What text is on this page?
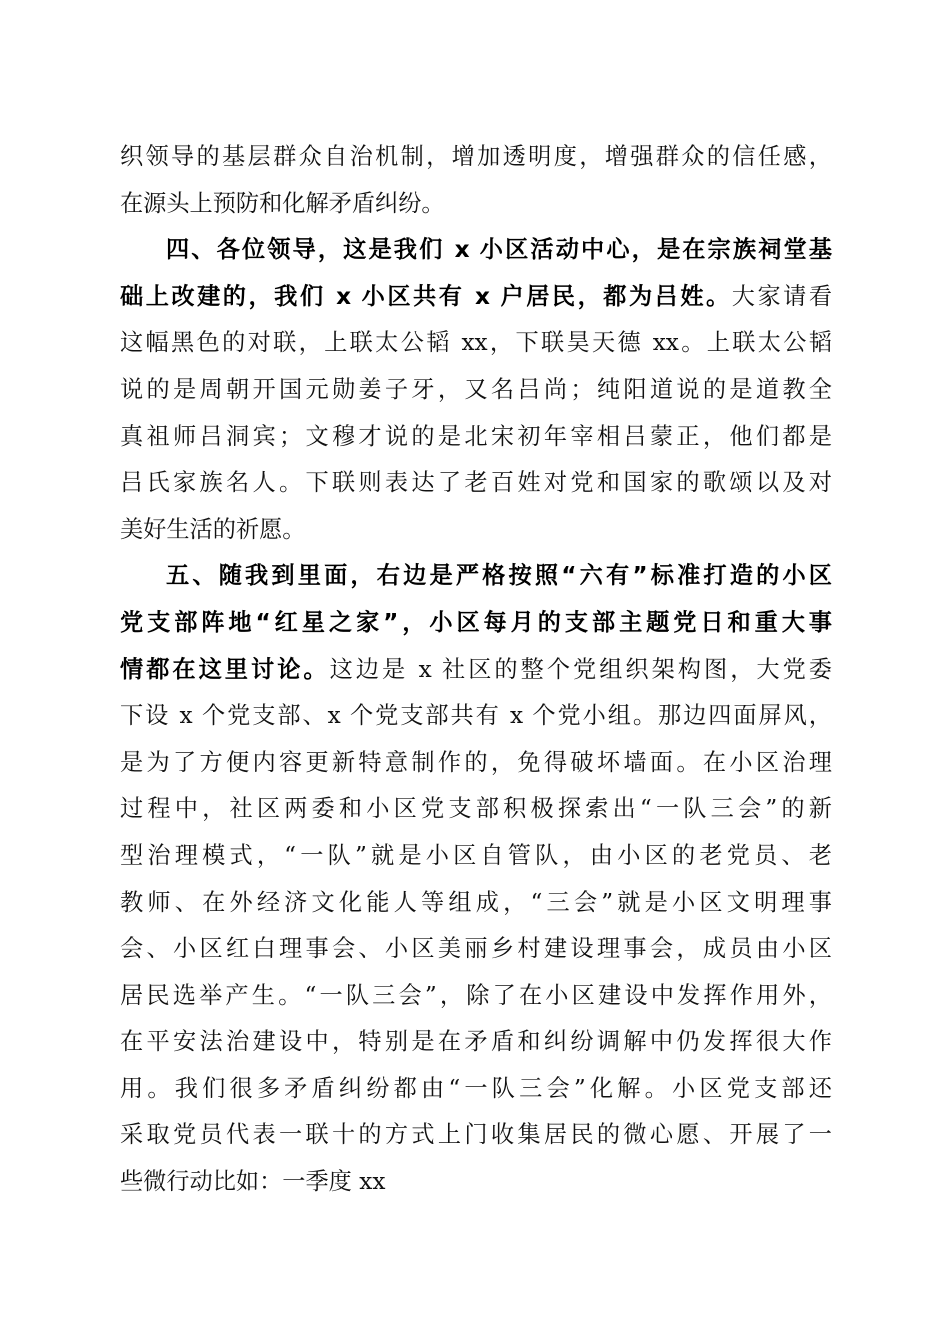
织领导的基层群众自治机制，增加透明度，增强群众的信任感，
在源头上预防和化解矛盾纠纷。
四、各位领导，这是我们 x 小区活动中心，是在宗族祠堂基
础上改建的，我们 x 小区共有 x 户居民，都为吕姓。大家请看
这幅黑色的对联，上联太公韬 xx，下联昊天德 xx。上联太公韬
说的是周朝开国元勋姜子牙，又名吕尚；纯阳道说的是道教全
真祖师吕洞宾；文穆才说的是北宋初年宰相吕蒙正，他们都是
吕氏家族名人。下联则表达了老百姓对党和国家的歌颂以及对
美好生活的祈愿。
五、随我到里面，右边是严格按照“六有”标准打造的小区
党支部阵地“红星之家”，小区每月的支部主题党日和重大事
情都在这里讨论。这边是 x 社区的整个党组织架构图，大党委
下设 x 个党支部、x 个党支部共有 x 个党小组。那边四面屏风，
是为了方便内容更新特意制作的，免得破坏墙面。在小区治理
过程中，社区两委和小区党支部积极探索出“一队三会”的新
型治理模式，“一队”就是小区自管队，由小区的老党员、老
教师、在外经济文化能人等组成，“三会”就是小区文明理事
会、小区红白理事会、小区美丽乡村建设理事会，成员由小区
居民选举产生。“一队三会”，除了在小区建设中发挥作用外，
在平安法治建设中，特别是在矛盾和纠纷调解中仍发挥很大作
用。我们很多矛盾纠纷都由“一队三会”化解。小区党支部还
采取党员代表一联十的方式上门收集居民的微心愿、开展了一
些微行动比如：一季度 xx
